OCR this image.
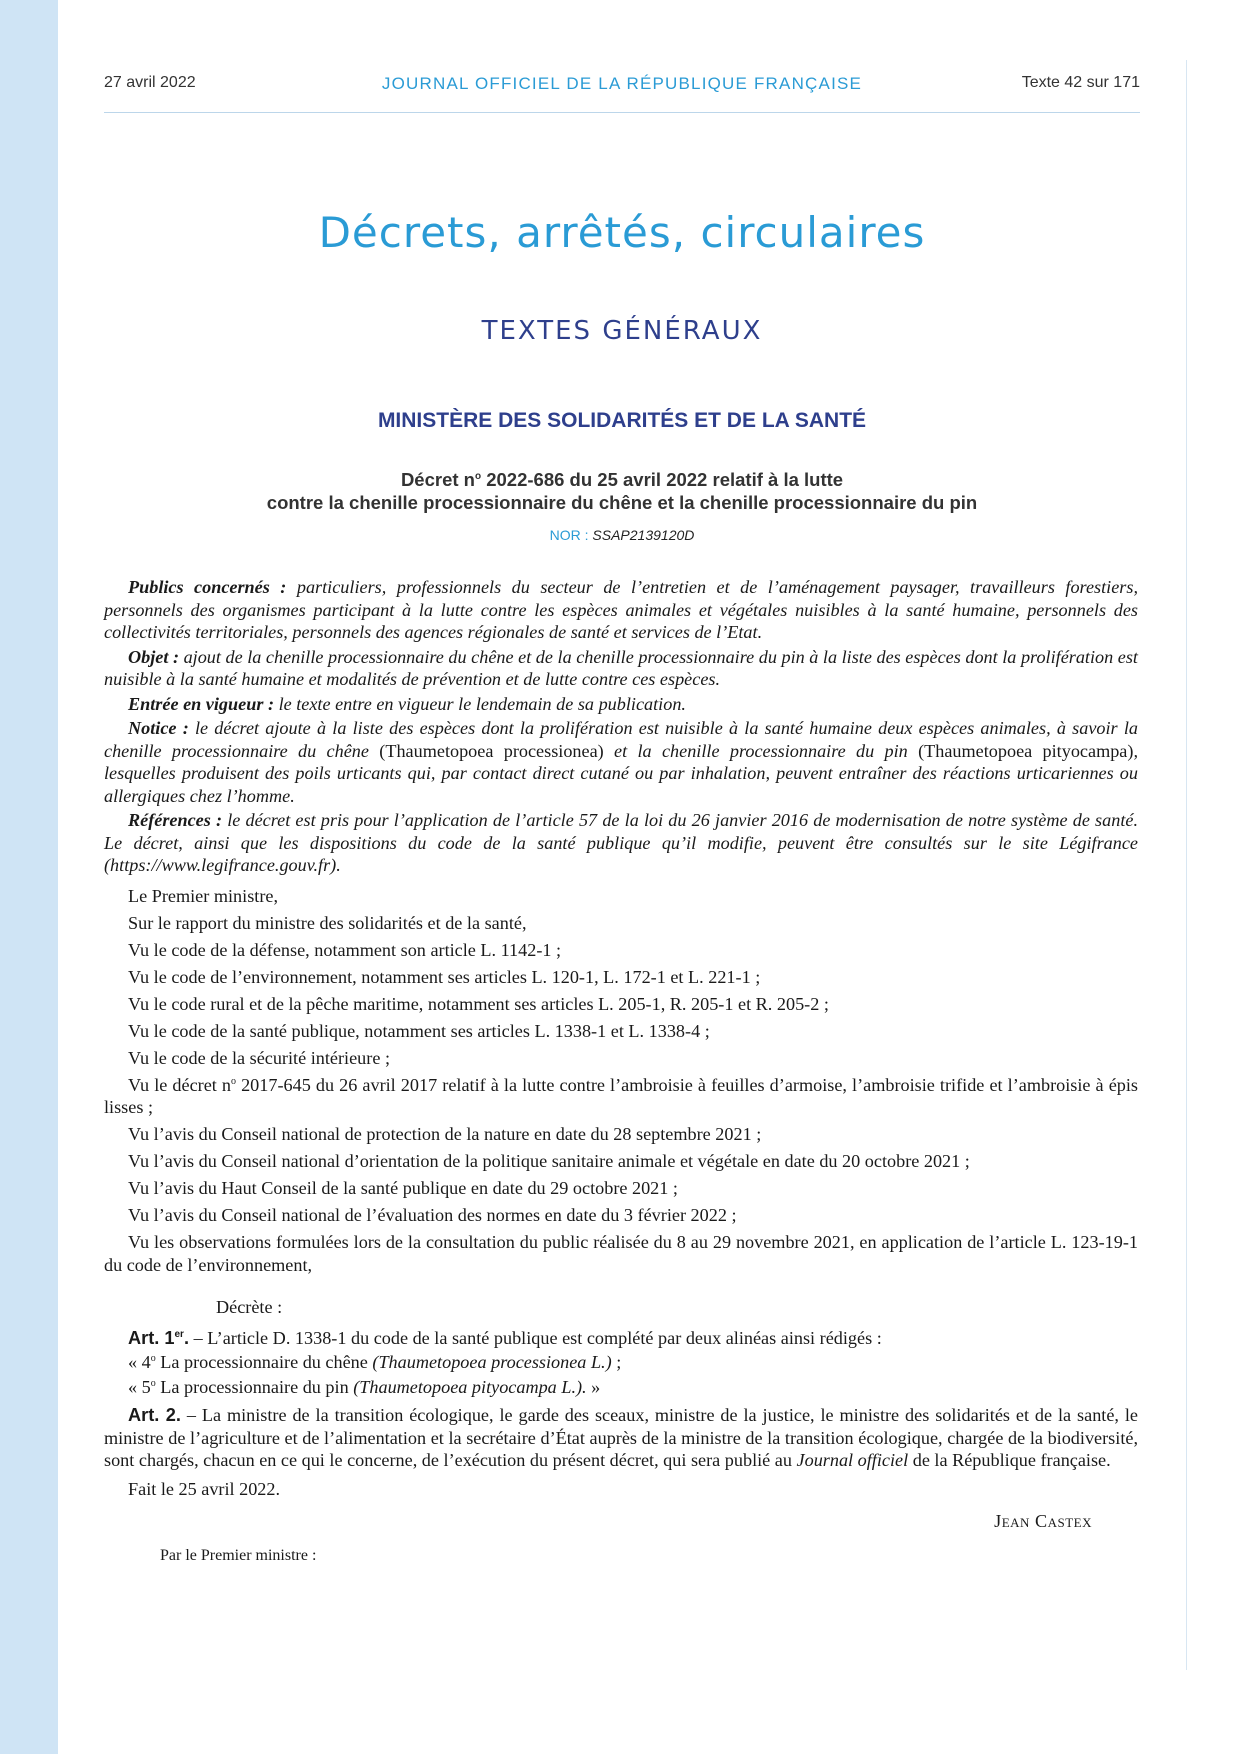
27 avril 2022	JOURNAL OFFICIEL DE LA RÉPUBLIQUE FRANÇAISE	Texte 42 sur 171
Décrets, arrêtés, circulaires
TEXTES GÉNÉRAUX
MINISTÈRE DES SOLIDARITÉS ET DE LA SANTÉ
Décret $n^o$ 2022-686 du 25 avril 2022 relatif à la lutte
contre la chenille processionnaire du chêne et la chenille processionnaire du pin
NOR : SSAP2139120D

Publics concernés : particuliers, professionnels du secteur de l’entretien et de l’aménagement paysager, travailleurs forestiers, personnels des organismes participant à la lutte contre les espèces animales et végétales nuisibles à la santé humaine, personnels des collectivités territoriales, personnels des agences régionales de santé et services de l’Etat.

Objet : ajout de la chenille processionnaire du chêne et de la chenille processionnaire du pin à la liste des espèces dont la prolifération est nuisible à la santé humaine et modalités de prévention et de lutte contre ces espèces.

Entrée en vigueur : le texte entre en vigueur le lendemain de sa publication.

Notice : le décret ajoute à la liste des espèces dont la prolifération est nuisible à la santé humaine deux espèces animales, à savoir la chenille processionnaire du chêne (Thaumetopoea processionea) et la chenille processionnaire du pin (Thaumetopoea pityocampa), lesquelles produisent des poils urticants qui, par contact direct cutané ou par inhalation, peuvent entraîner des réactions urticariennes ou allergiques chez l’homme.

Références : le décret est pris pour l’application de l’article 57 de la loi du 26 janvier 2016 de modernisation de notre système de santé. Le décret, ainsi que les dispositions du code de la santé publique qu’il modifie, peuvent être consultés sur le site Légifrance (https://www.legifrance.gouv.fr).

Le Premier ministre,

Sur le rapport du ministre des solidarités et de la santé,

Vu le code de la défense, notamment son article L. 1142-1 ;

Vu le code de l’environnement, notamment ses articles L. 120-1, L. 172-1 et L. 221-1 ;

Vu le code rural et de la pêche maritime, notamment ses articles L. 205-1, R. 205-1 et R. 205-2 ;

Vu le code de la santé publique, notamment ses articles L. 1338-1 et L. 1338-4 ;

Vu le code de la sécurité intérieure ;

Vu le décret $n^o$ 2017-645 du 26 avril 2017 relatif à la lutte contre l’ambroisie à feuilles d’armoise, l’ambroisie trifide et l’ambroisie à épis lisses ;

Vu l’avis du Conseil national de protection de la nature en date du 28 septembre 2021 ;

Vu l’avis du Conseil national d’orientation de la politique sanitaire animale et végétale en date du 20 octobre 2021 ;

Vu l’avis du Haut Conseil de la santé publique en date du 29 octobre 2021 ;

Vu l’avis du Conseil national de l’évaluation des normes en date du 3 février 2022 ;

Vu les observations formulées lors de la consultation du public réalisée du 8 au 29 novembre 2021, en application de l’article L. 123-19-1 du code de l’environnement,

Décrète :

Art. 1er. – L’article D. 1338-1 du code de la santé publique est complété par deux alinéas ainsi rédigés :

« 4$^o$ La processionnaire du chêne (Thaumetopoea processionea L.) ;

« 5$^o$ La processionnaire du pin (Thaumetopoea pityocampa L.). »

Art. 2. – La ministre de la transition écologique, le garde des sceaux, ministre de la justice, le ministre des solidarités et de la santé, le ministre de l’agriculture et de l’alimentation et la secrétaire d’État auprès de la ministre de la transition écologique, chargée de la biodiversité, sont chargés, chacun en ce qui le concerne, de l’exécution du présent décret, qui sera publié au Journal officiel de la République française.

Fait le 25 avril 2022.

Jean Castex

Par le Premier ministre :
